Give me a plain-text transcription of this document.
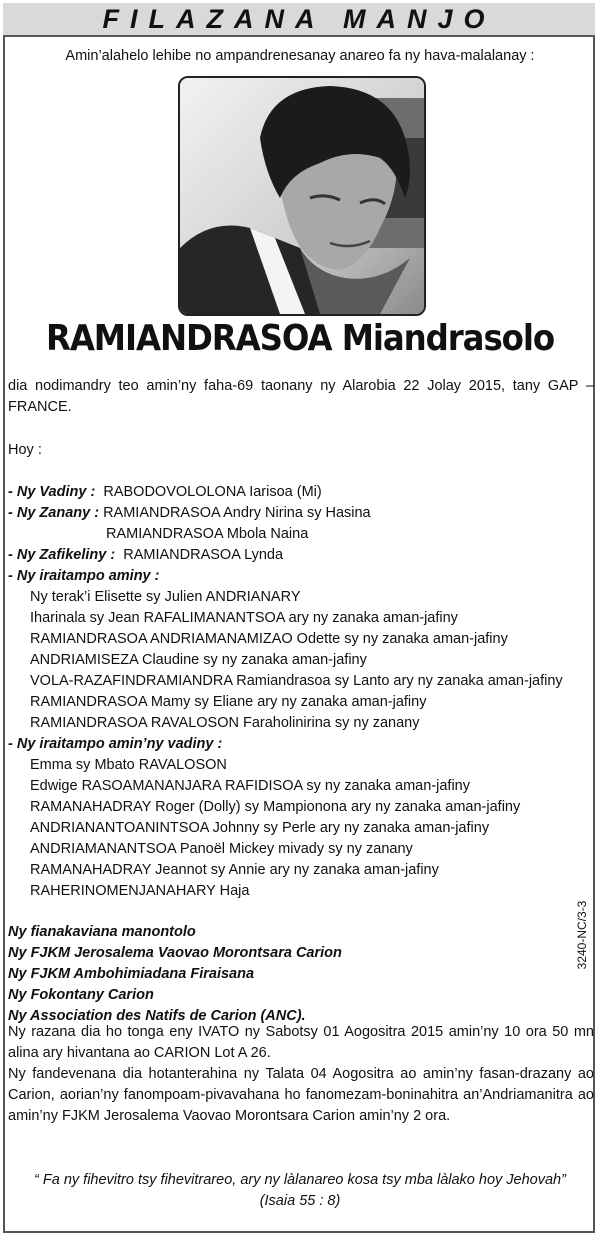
FILAZANA MANJO
Amin’alahelo lehibe no ampandrenesanay anareo fa ny hava-malalanay :
RAMIANDRASOA Miandrasolo
dia nodimandry teo amin’ny faha-69 taonany ny Alarobia 22 Jolay 2015, tany GAP – FRANCE.
Hoy :
- Ny Vadiny : RABODOVOLOLONA Iarisoa (Mi)
- Ny Zanany : RAMIANDRASOA Andry Nirina sy Hasina
RAMIANDRASOA Mbola Naina
- Ny Zafikeliny : RAMIANDRASOA Lynda
- Ny iraitampo aminy :
Ny terak’i Elisette sy Julien ANDRIANARY
Iharinala sy Jean RAFALIMANANTSOA ary ny zanaka aman-jafiny
RAMIANDRASOA ANDRIAMANAMIZAO Odette sy ny zanaka aman-jafiny
ANDRIAMISEZA Claudine sy ny zanaka aman-jafiny
VOLA-RAZAFINDRAMIANDRA Ramiandrasoa sy Lanto ary ny zanaka aman-jafiny
RAMIANDRASOA Mamy sy Eliane ary ny zanaka aman-jafiny
RAMIANDRASOA RAVALOSON Faraholinirina sy ny zanany
- Ny iraitampo amin’ny vadiny :
Emma sy Mbato RAVALOSON
Edwige RASOAMANANJARA RAFIDISOA sy ny zanaka aman-jafiny
RAMANAHADRAY Roger (Dolly) sy Mampionona ary ny zanaka aman-jafiny
ANDRIANANTOANINTSOA Johnny sy Perle ary ny zanaka aman-jafiny
ANDRIAMANANTSOA Panoël Mickey mivady sy ny zanany
RAMANAHADRAY Jeannot sy Annie ary ny zanaka aman-jafiny
RAHERINOMENJANAHARY Haja
3240-NC/3-3
Ny fianakaviana manontolo
Ny FJKM Jerosalema Vaovao Morontsara Carion
Ny FJKM Ambohimiadana Firaisana
Ny Fokontany Carion
Ny Association des Natifs de Carion (ANC).
Ny razana dia ho tonga eny IVATO ny Sabotsy 01 Aogositra 2015 amin’ny 10 ora 50 mn alina ary hivantana ao CARION Lot A 26.
Ny fandevenana dia hotanterahina ny Talata 04 Aogositra ao amin’ny fasan-drazany ao Carion, aorian’ny fanompoam-pivavahana ho fanomezam-boninahitra an’Andriamanitra ao amin’ny FJKM Jerosalema Vaovao Morontsara Carion amin’ny 2 ora.
“ Fa ny fihevitro tsy fihevitrareo, ary ny làlanareo kosa tsy mba làlako hoy Jehovah”
(Isaia 55 : 8)
